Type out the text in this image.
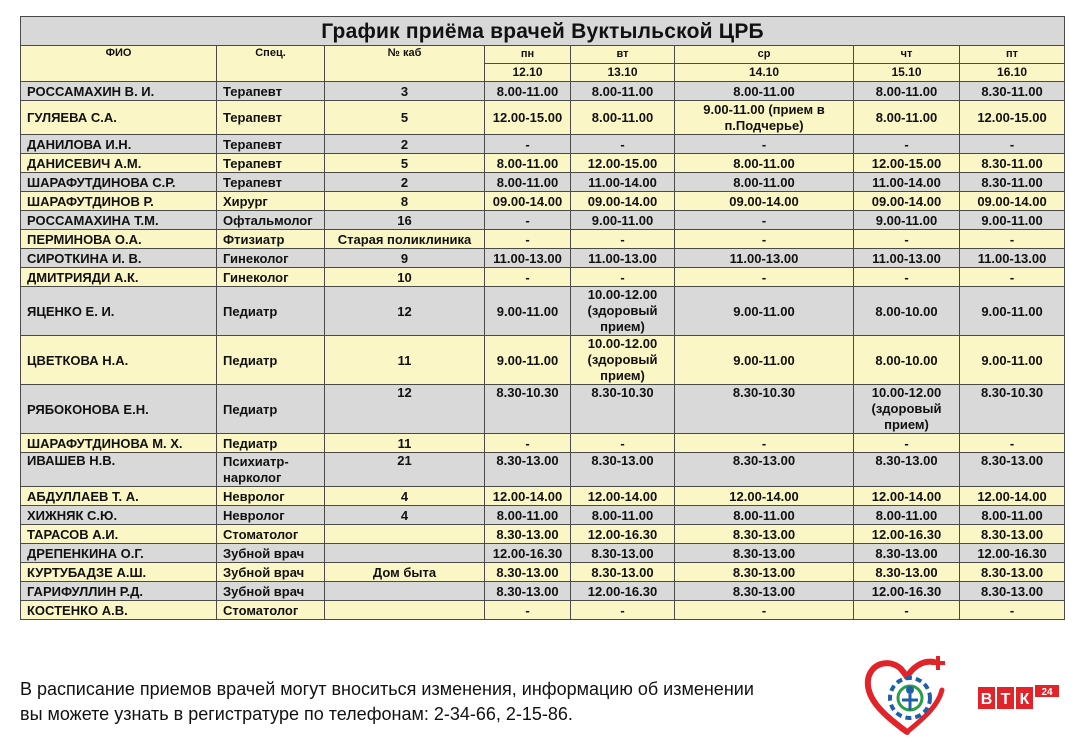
График приёма врачей Вуктыльской ЦРБ							
ФИО	Спец.	№ каб	пн	вт	ср	чт	пт
			12.10	13.10	14.10	15.10	16.10
РОССАМАХИН В. И.	Терапевт	3	8.00-11.00	8.00-11.00	8.00-11.00	8.00-11.00	8.30-11.00
ГУЛЯЕВА С.А.	Терапевт	5	12.00-15.00	8.00-11.00	9.00-11.00 (прием в п.Подчерье)	8.00-11.00	12.00-15.00
ДАНИЛОВА И.Н.	Терапевт	2	-	-	-	-	-
ДАНИСЕВИЧ А.М.	Терапевт	5	8.00-11.00	12.00-15.00	8.00-11.00	12.00-15.00	8.30-11.00
ШАРАФУТДИНОВА С.Р.	Терапевт	2	8.00-11.00	11.00-14.00	8.00-11.00	11.00-14.00	8.30-11.00
ШАРАФУТДИНОВ Р.	Хирург	8	09.00-14.00	09.00-14.00	09.00-14.00	09.00-14.00	09.00-14.00
РОССАМАХИНА Т.М.	Офтальмолог	16	-	9.00-11.00	-	9.00-11.00	9.00-11.00
ПЕРМИНОВА О.А.	Фтизиатр	Старая поликлиника	-	-	-	-	-
СИРОТКИНА И. В.	Гинеколог	9	11.00-13.00	11.00-13.00	11.00-13.00	11.00-13.00	11.00-13.00
ДМИТРИЯДИ А.К.	Гинеколог	10	-	-	-	-	-
ЯЦЕНКО Е. И.	Педиатр	12	9.00-11.00	10.00-12.00 (здоровый прием)	9.00-11.00	8.00-10.00	9.00-11.00
ЦВЕТКОВА Н.А.	Педиатр	11	9.00-11.00	10.00-12.00 (здоровый прием)	9.00-11.00	8.00-10.00	9.00-11.00
РЯБОКОНОВА Е.Н.	Педиатр	12	8.30-10.30	8.30-10.30	8.30-10.30	10.00-12.00 (здоровый прием)	8.30-10.30
ШАРАФУТДИНОВА М. Х.	Педиатр	11	-	-	-	-	-
ИВАШЕВ Н.В.	Психиатр-нарколог	21	8.30-13.00	8.30-13.00	8.30-13.00	8.30-13.00	8.30-13.00
АБДУЛЛАЕВ Т. А.	Невролог	4	12.00-14.00	12.00-14.00	12.00-14.00	12.00-14.00	12.00-14.00
ХИЖНЯК С.Ю.	Невролог	4	8.00-11.00	8.00-11.00	8.00-11.00	8.00-11.00	8.00-11.00
ТАРАСОВ А.И.	Стоматолог		8.30-13.00	12.00-16.30	8.30-13.00	12.00-16.30	8.30-13.00
ДРЕПЕНКИНА О.Г.	Зубной врач		12.00-16.30	8.30-13.00	8.30-13.00	8.30-13.00	12.00-16.30
КУРТУБАДЗЕ А.Ш.	Зубной врач	Дом быта	8.30-13.00	8.30-13.00	8.30-13.00	8.30-13.00	8.30-13.00
ГАРИФУЛЛИН Р.Д.	Зубной врач		8.30-13.00	12.00-16.30	8.30-13.00	12.00-16.30	8.30-13.00
КОСТЕНКО А.В.	Стоматолог		-	-	-	-	-
В расписание приемов врачей могут вноситься изменения, информацию об изменении
вы можете узнать в регистратуре по телефонам: 2-34-66, 2-15-86.
В Т К 24
